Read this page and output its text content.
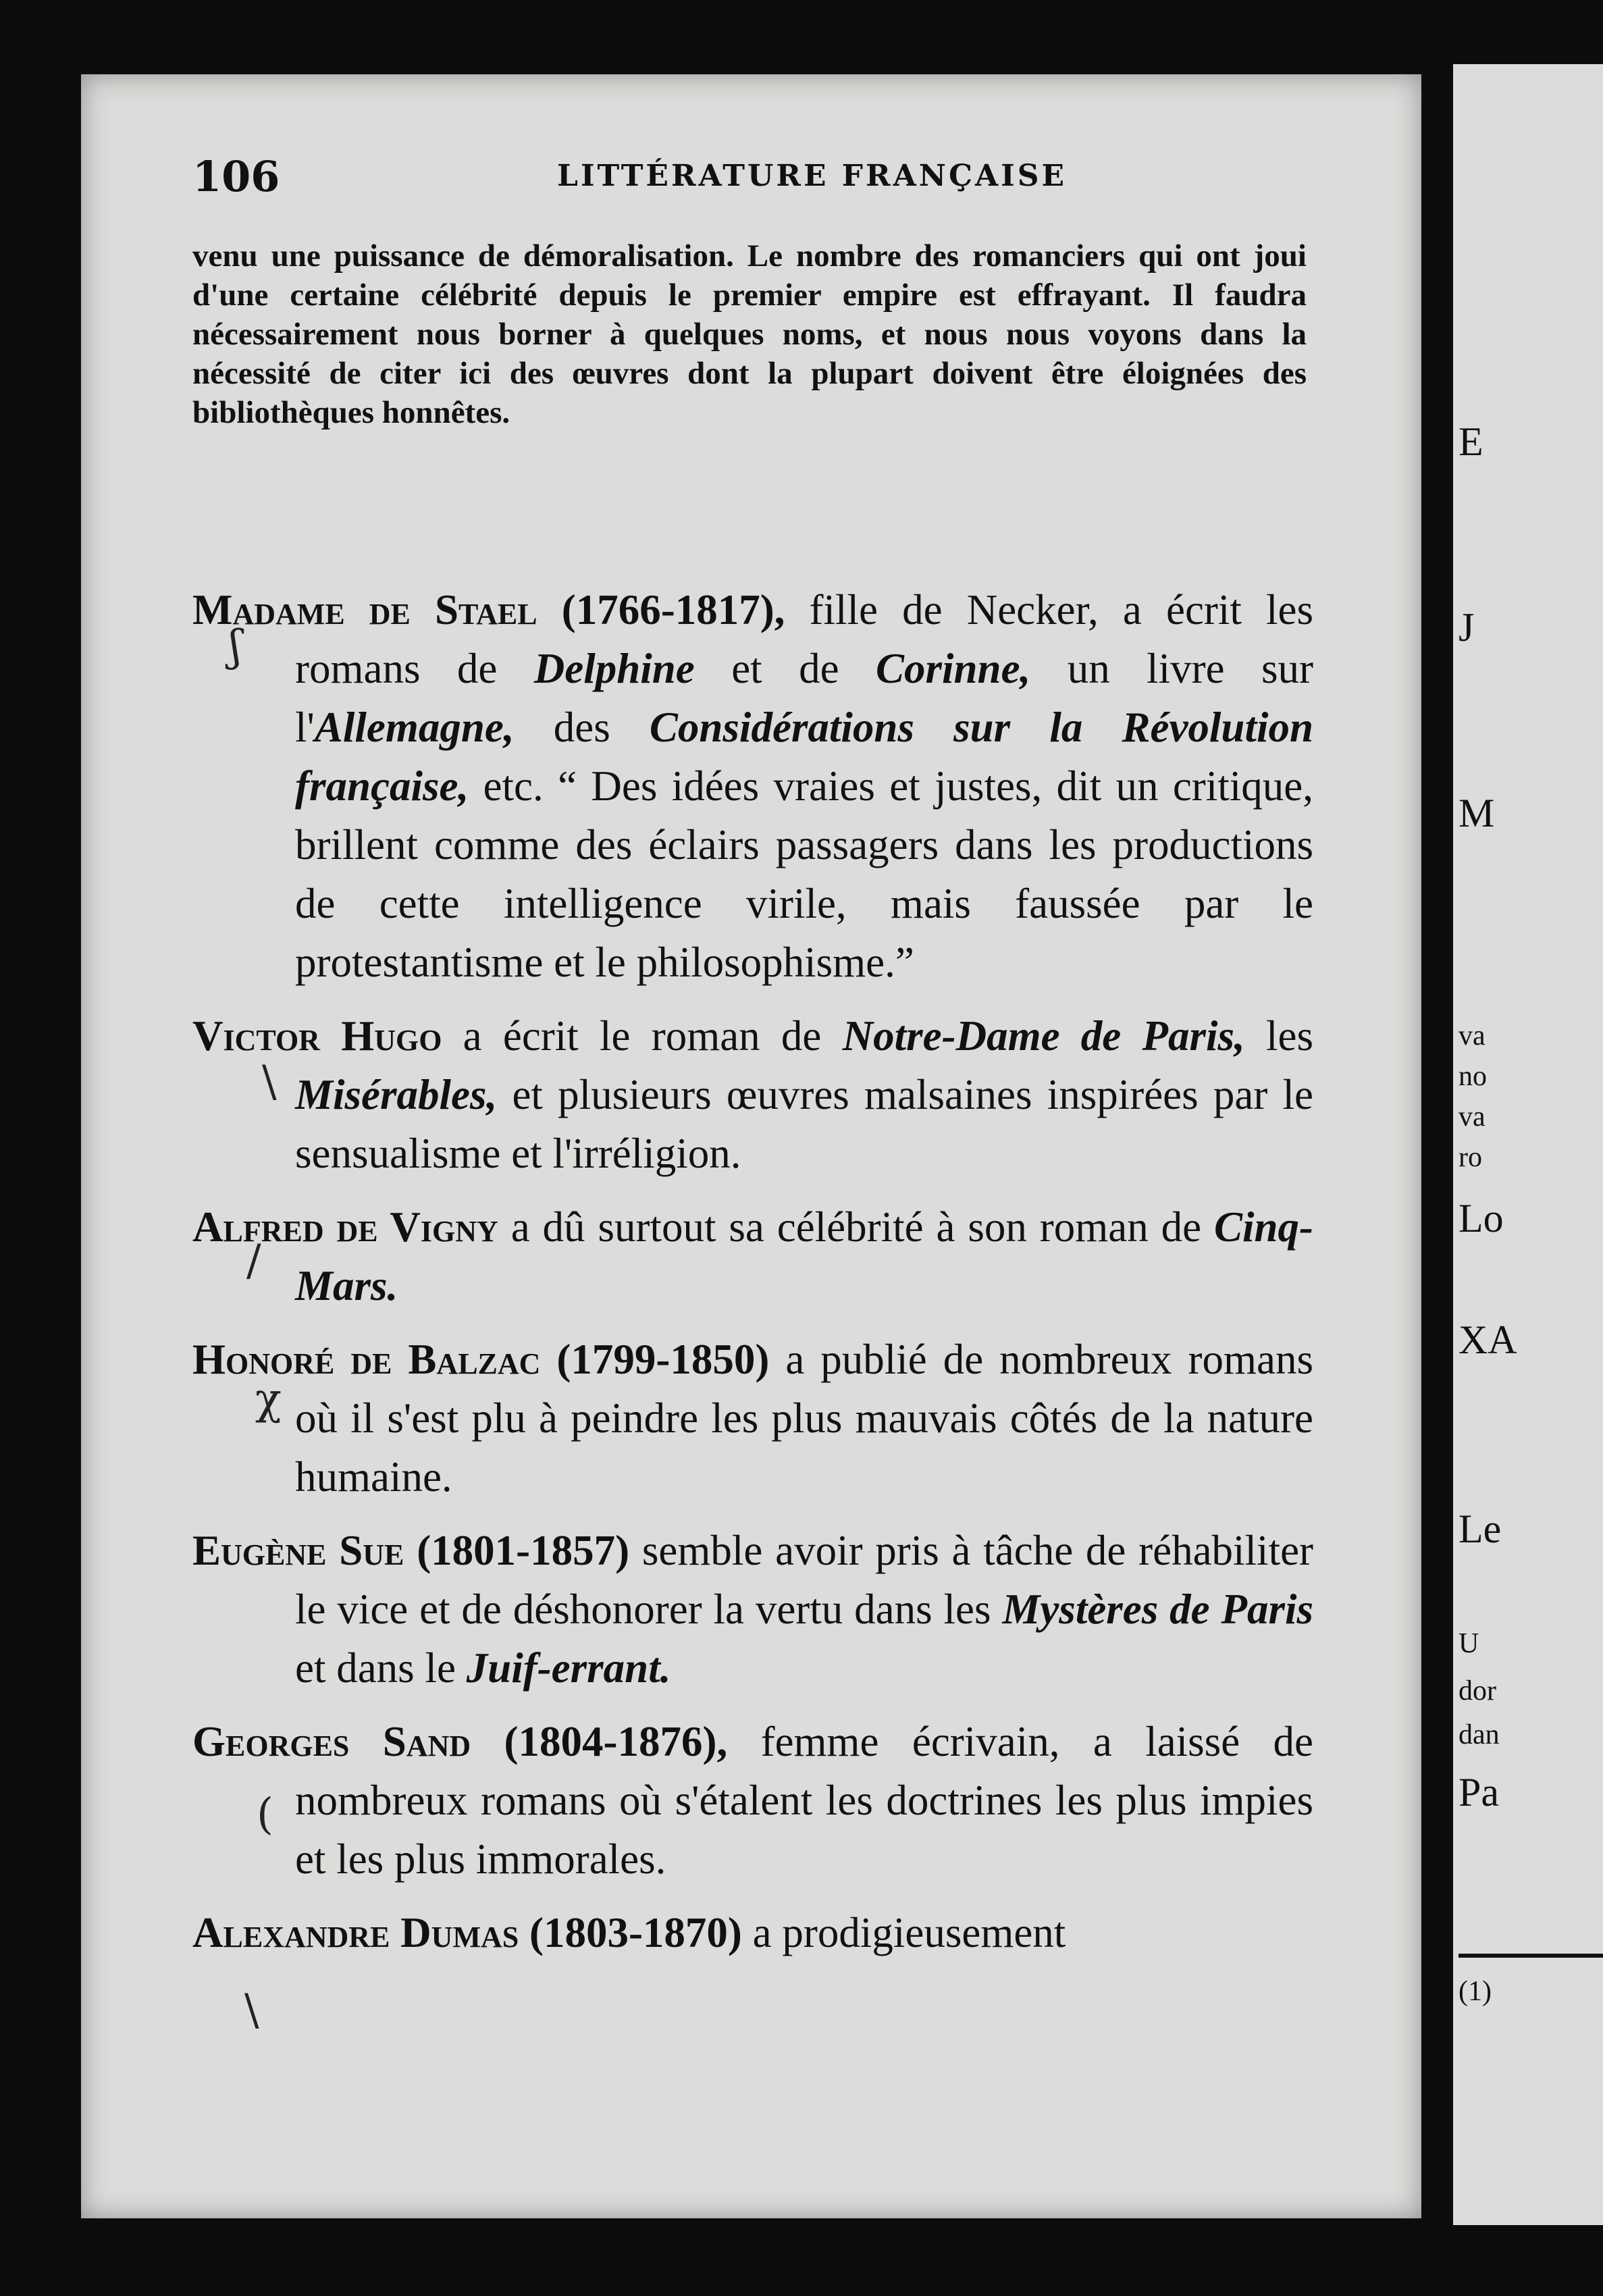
106	LITTÉRATURE FRANÇAISE

venu une puissance de démoralisation. Le nombre des romanciers qui ont joui d'une certaine célébrité depuis le premier empire est effrayant. Il faudra nécessairement nous borner à quelques noms, et nous nous voyons dans la nécessité de citer ici des œuvres dont la plupart doivent être éloignées des bibliothèques honnêtes.

Madame de Stael (1766-1817), fille de Necker, a écrit les romans de Delphine et de Corinne, un livre sur l'Allemagne, des Considérations sur la Révolution française, etc. “ Des idées vraies et justes, dit un critique, brillent comme des éclairs passagers dans les productions de cette intelligence virile, mais faussée par le protestantisme et le philosophisme.”

Victor Hugo a écrit le roman de Notre-Dame de Paris, les Misérables, et plusieurs œuvres malsaines inspirées par le sensualisme et l'irréligion.

Alfred de Vigny a dû surtout sa célébrité à son roman de Cinq-Mars.

Honoré de Balzac (1799-1850) a publié de nombreux romans où il s'est plu à peindre les plus mauvais côtés de la nature humaine.

Eugène Sue (1801-1857) semble avoir pris à tâche de réhabiliter le vice et de déshonorer la vertu dans les Mystères de Paris et dans le Juif-errant.

Georges Sand (1804-1876), femme écrivain, a laissé de nombreux romans où s'étalent les doctrines les plus impies et les plus immorales.

Alexandre Dumas (1803-1870) a prodigieusement

ʃ
\
/
χ
(
\
E
J
M
va
no
va
ro
Lo
XA
Le
U
dor
dan
Pa
(1)
